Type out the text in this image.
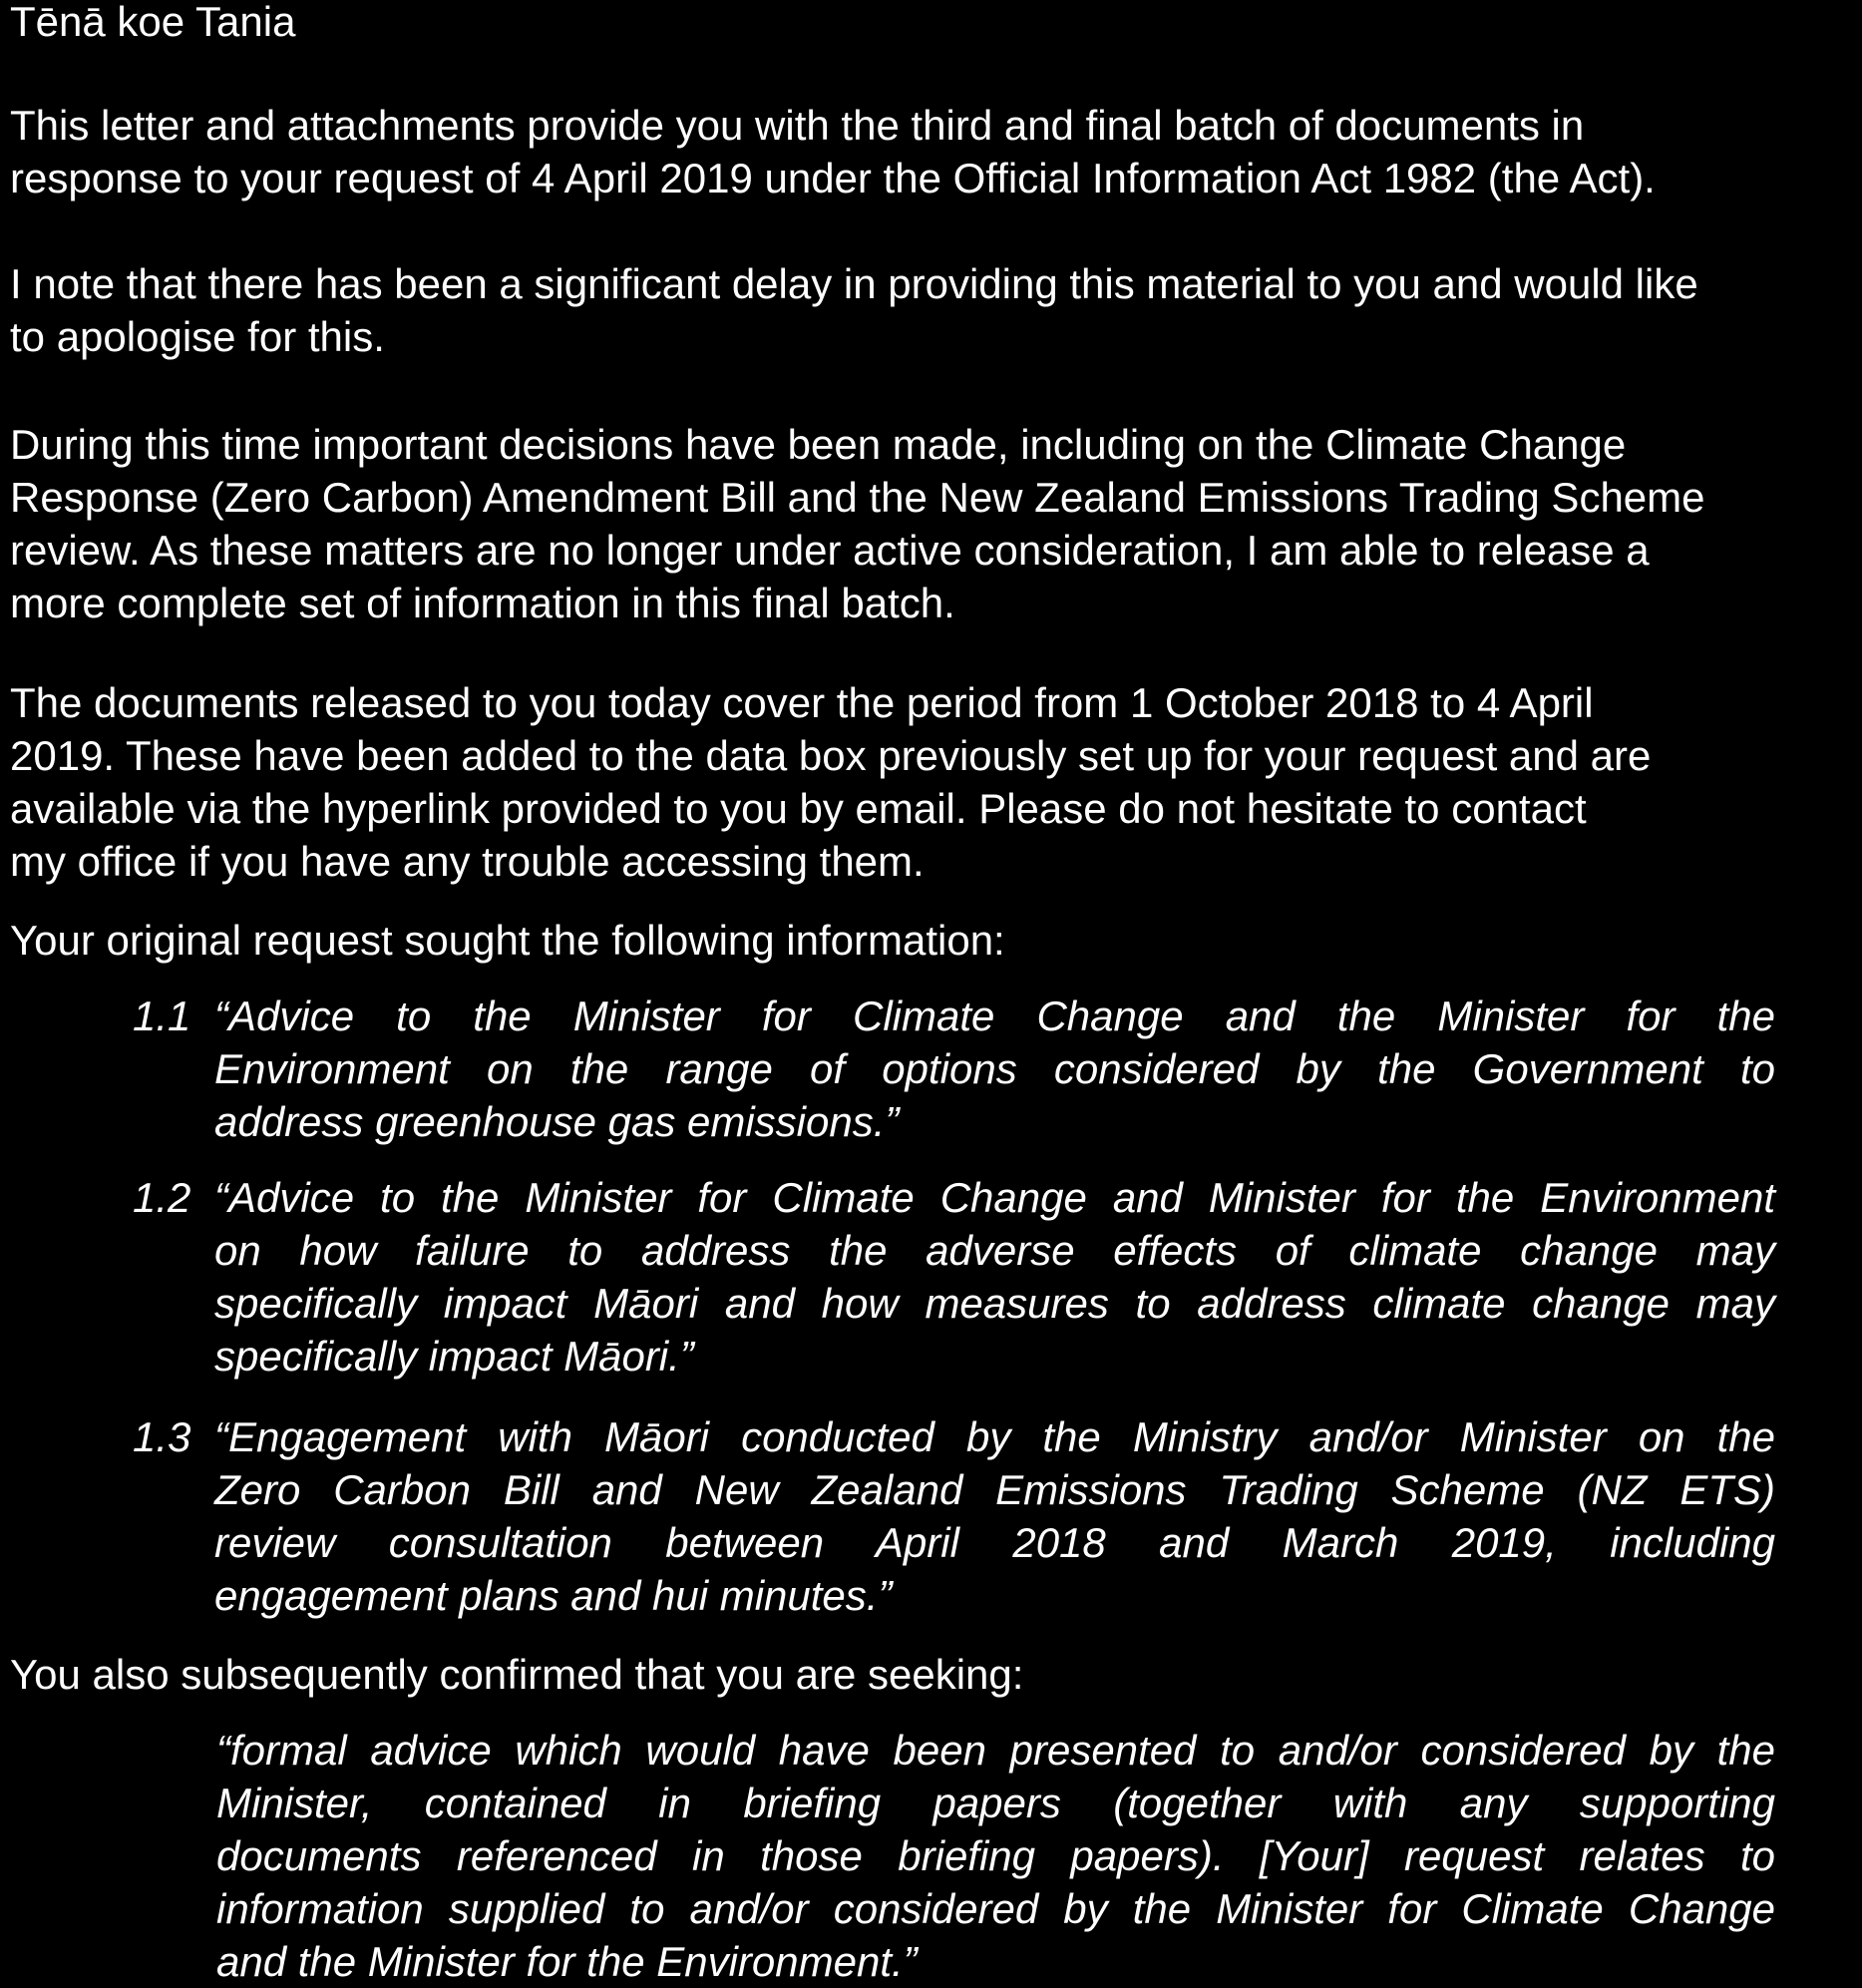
Tēnā koe Tania
This letter and attachments provide you with the third and final batch of documents in
response to your request of 4 April 2019 under the Official Information Act 1982 (the Act).
I note that there has been a significant delay in providing this material to you and would like
to apologise for this.
During this time important decisions have been made, including on the Climate Change
Response (Zero Carbon) Amendment Bill and the New Zealand Emissions Trading Scheme
review. As these matters are no longer under active consideration, I am able to release a
more complete set of information in this final batch.
The documents released to you today cover the period from 1 October 2018 to 4 April
2019. These have been added to the data box previously set up for your request and are
available via the hyperlink provided to you by email. Please do not hesitate to contact
my office if you have any trouble accessing them.
Your original request sought the following information:
1.1 “Advice to the Minister for Climate Change and the Minister for the
Environment on the range of options considered by the Government to
address greenhouse gas emissions.”
1.2 “Advice to the Minister for Climate Change and Minister for the Environment
on how failure to address the adverse effects of climate change may
specifically impact Māori and how measures to address climate change may
specifically impact Māori.”
1.3 “Engagement with Māori conducted by the Ministry and/or Minister on the
Zero Carbon Bill and New Zealand Emissions Trading Scheme (NZ ETS)
review consultation between April 2018 and March 2019, including
engagement plans and hui minutes.”
You also subsequently confirmed that you are seeking:
“formal advice which would have been presented to and/or considered by the
Minister, contained in briefing papers (together with any supporting
documents referenced in those briefing papers). [Your] request relates to
information supplied to and/or considered by the Minister for Climate Change
and the Minister for the Environment.”
